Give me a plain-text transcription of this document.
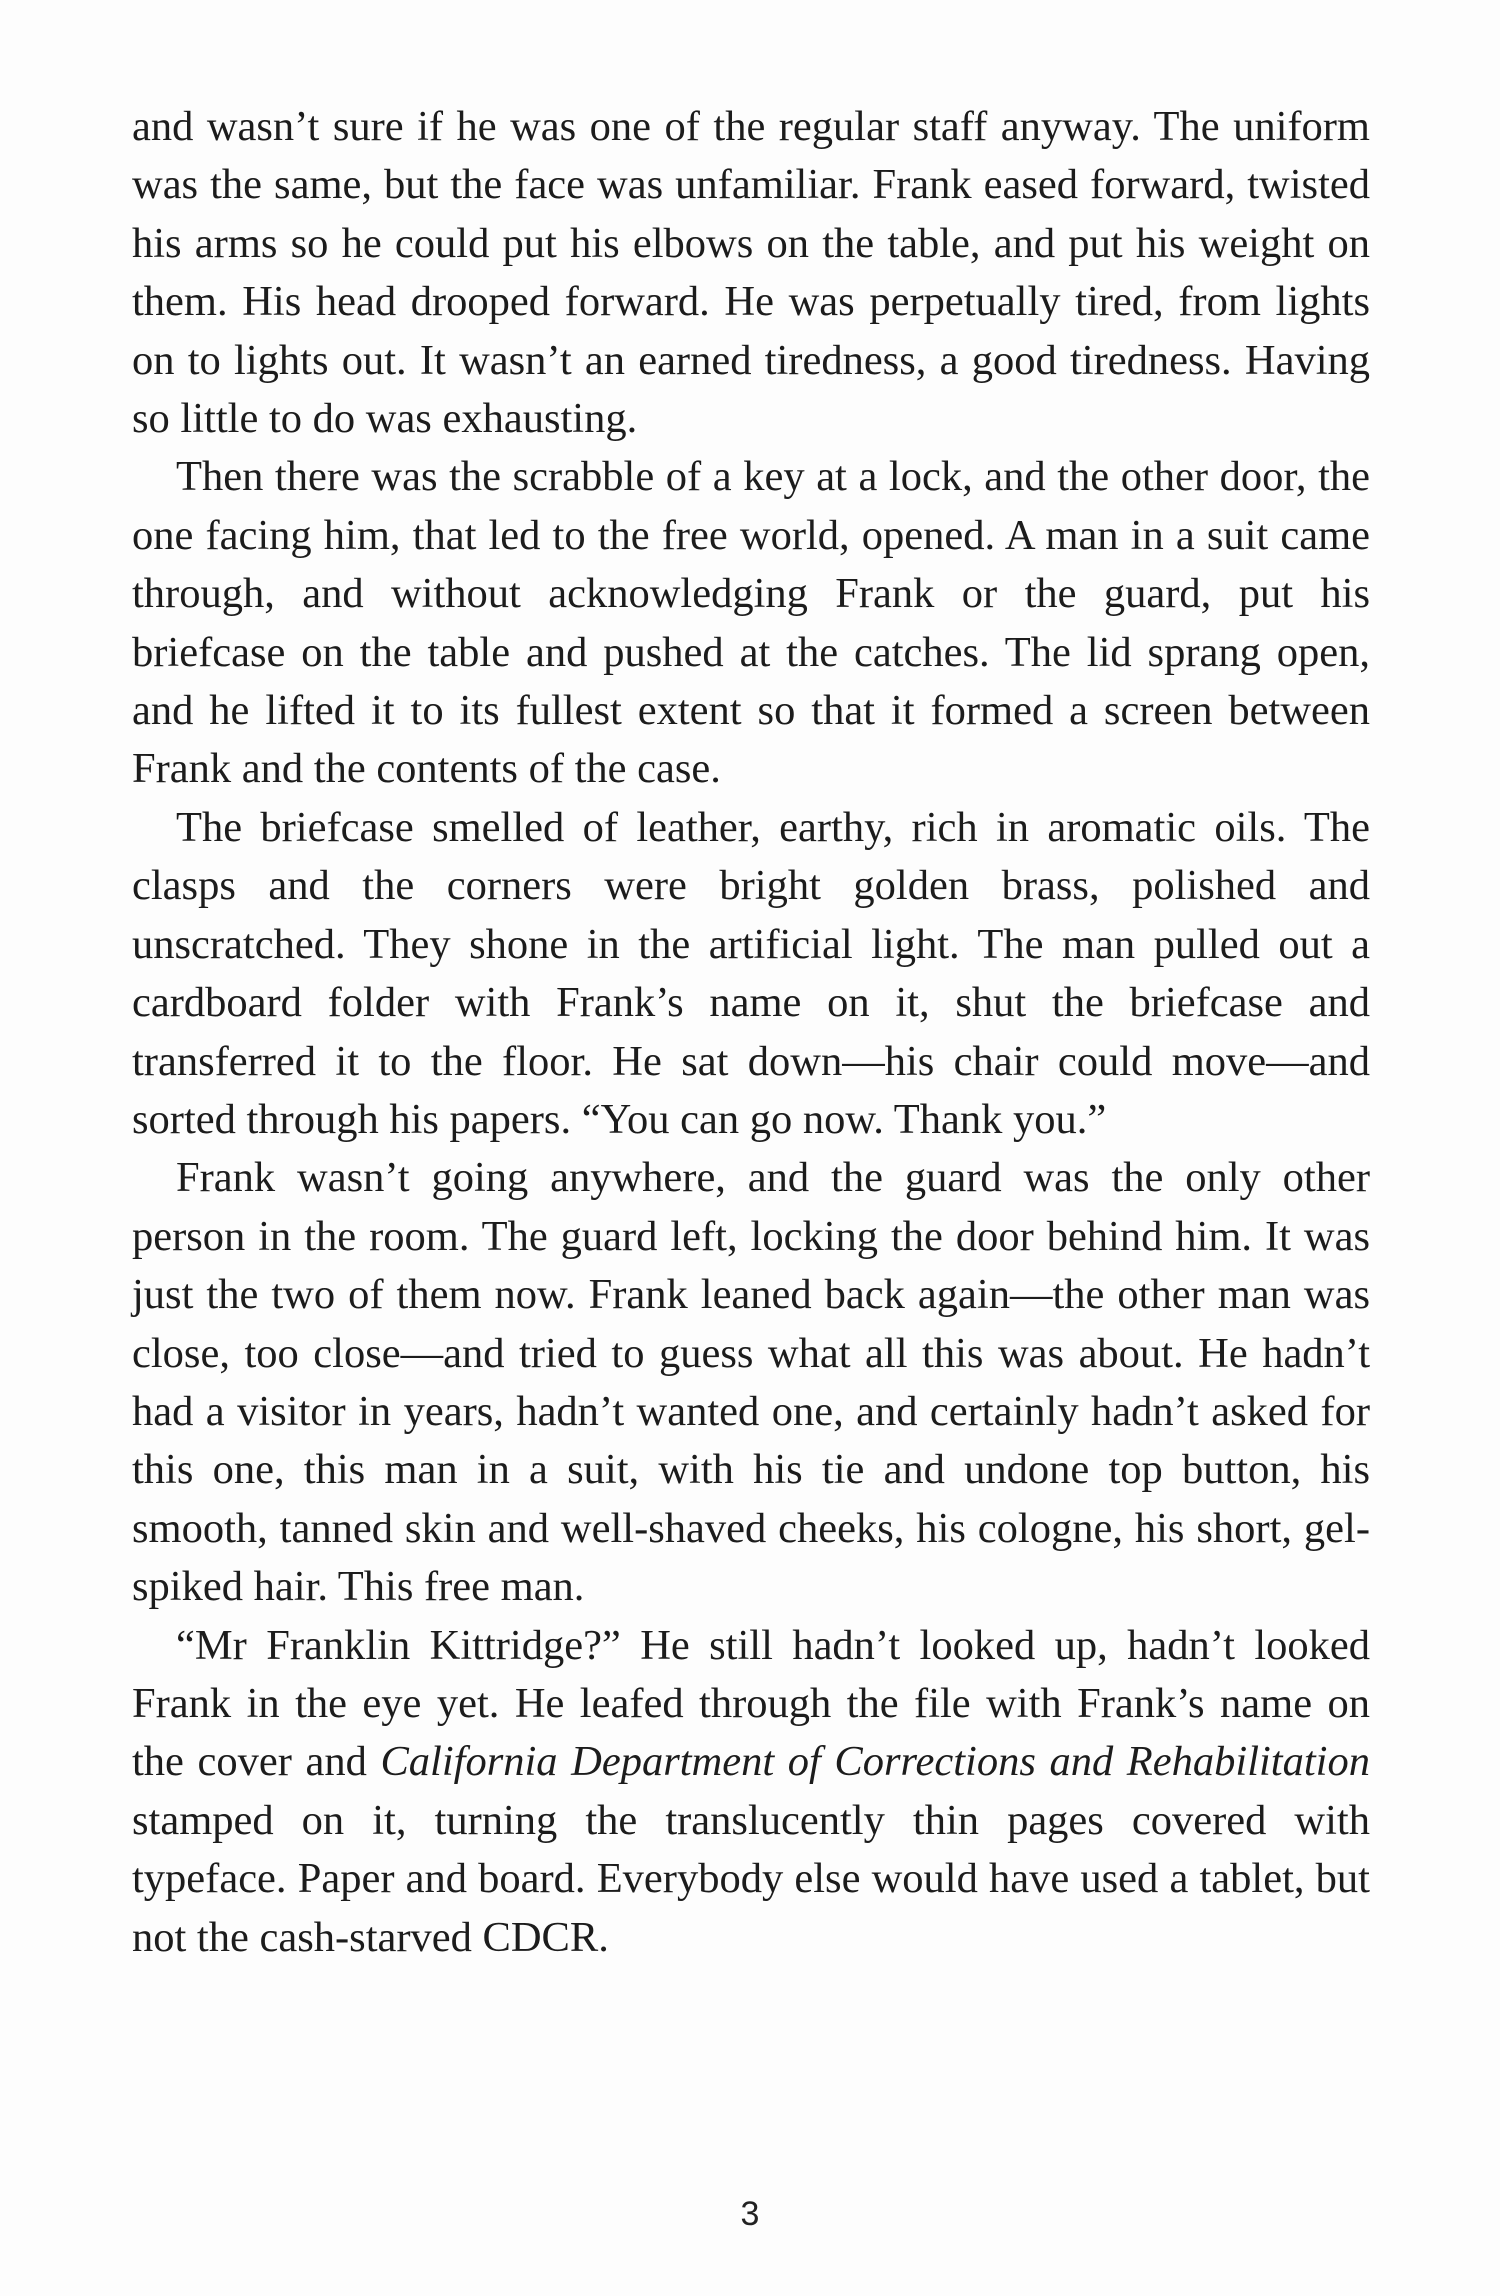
and wasn’t sure if he was one of the regular staff anyway. The uniform was the same, but the face was unfamiliar. Frank eased forward, twisted his arms so he could put his elbows on the table, and put his weight on them. His head drooped forward. He was perpetually tired, from lights on to lights out. It wasn’t an earned tiredness, a good tiredness. Having so little to do was exhausting.

Then there was the scrabble of a key at a lock, and the other door, the one facing him, that led to the free world, opened. A man in a suit came through, and without acknowledging Frank or the guard, put his briefcase on the table and pushed at the catches. The lid sprang open, and he lifted it to its fullest extent so that it formed a screen between Frank and the contents of the case.

The briefcase smelled of leather, earthy, rich in aromatic oils. The clasps and the corners were bright golden brass, polished and unscratched. They shone in the artificial light. The man pulled out a cardboard folder with Frank’s name on it, shut the briefcase and transferred it to the floor. He sat down—his chair could move—and sorted through his papers. “You can go now. Thank you.”

Frank wasn’t going anywhere, and the guard was the only other person in the room. The guard left, locking the door behind him. It was just the two of them now. Frank leaned back again—the other man was close, too close—and tried to guess what all this was about. He hadn’t had a visitor in years, hadn’t wanted one, and certainly hadn’t asked for this one, this man in a suit, with his tie and undone top button, his smooth, tanned skin and well-shaved cheeks, his cologne, his short, gel-spiked hair. This free man.

“Mr Franklin Kittridge?” He still hadn’t looked up, hadn’t looked Frank in the eye yet. He leafed through the file with Frank’s name on the cover and California Department of Corrections and Rehabilitation stamped on it, turning the translucently thin pages covered with typeface. Paper and board. Everybody else would have used a tablet, but not the cash-starved CDCR.

3
